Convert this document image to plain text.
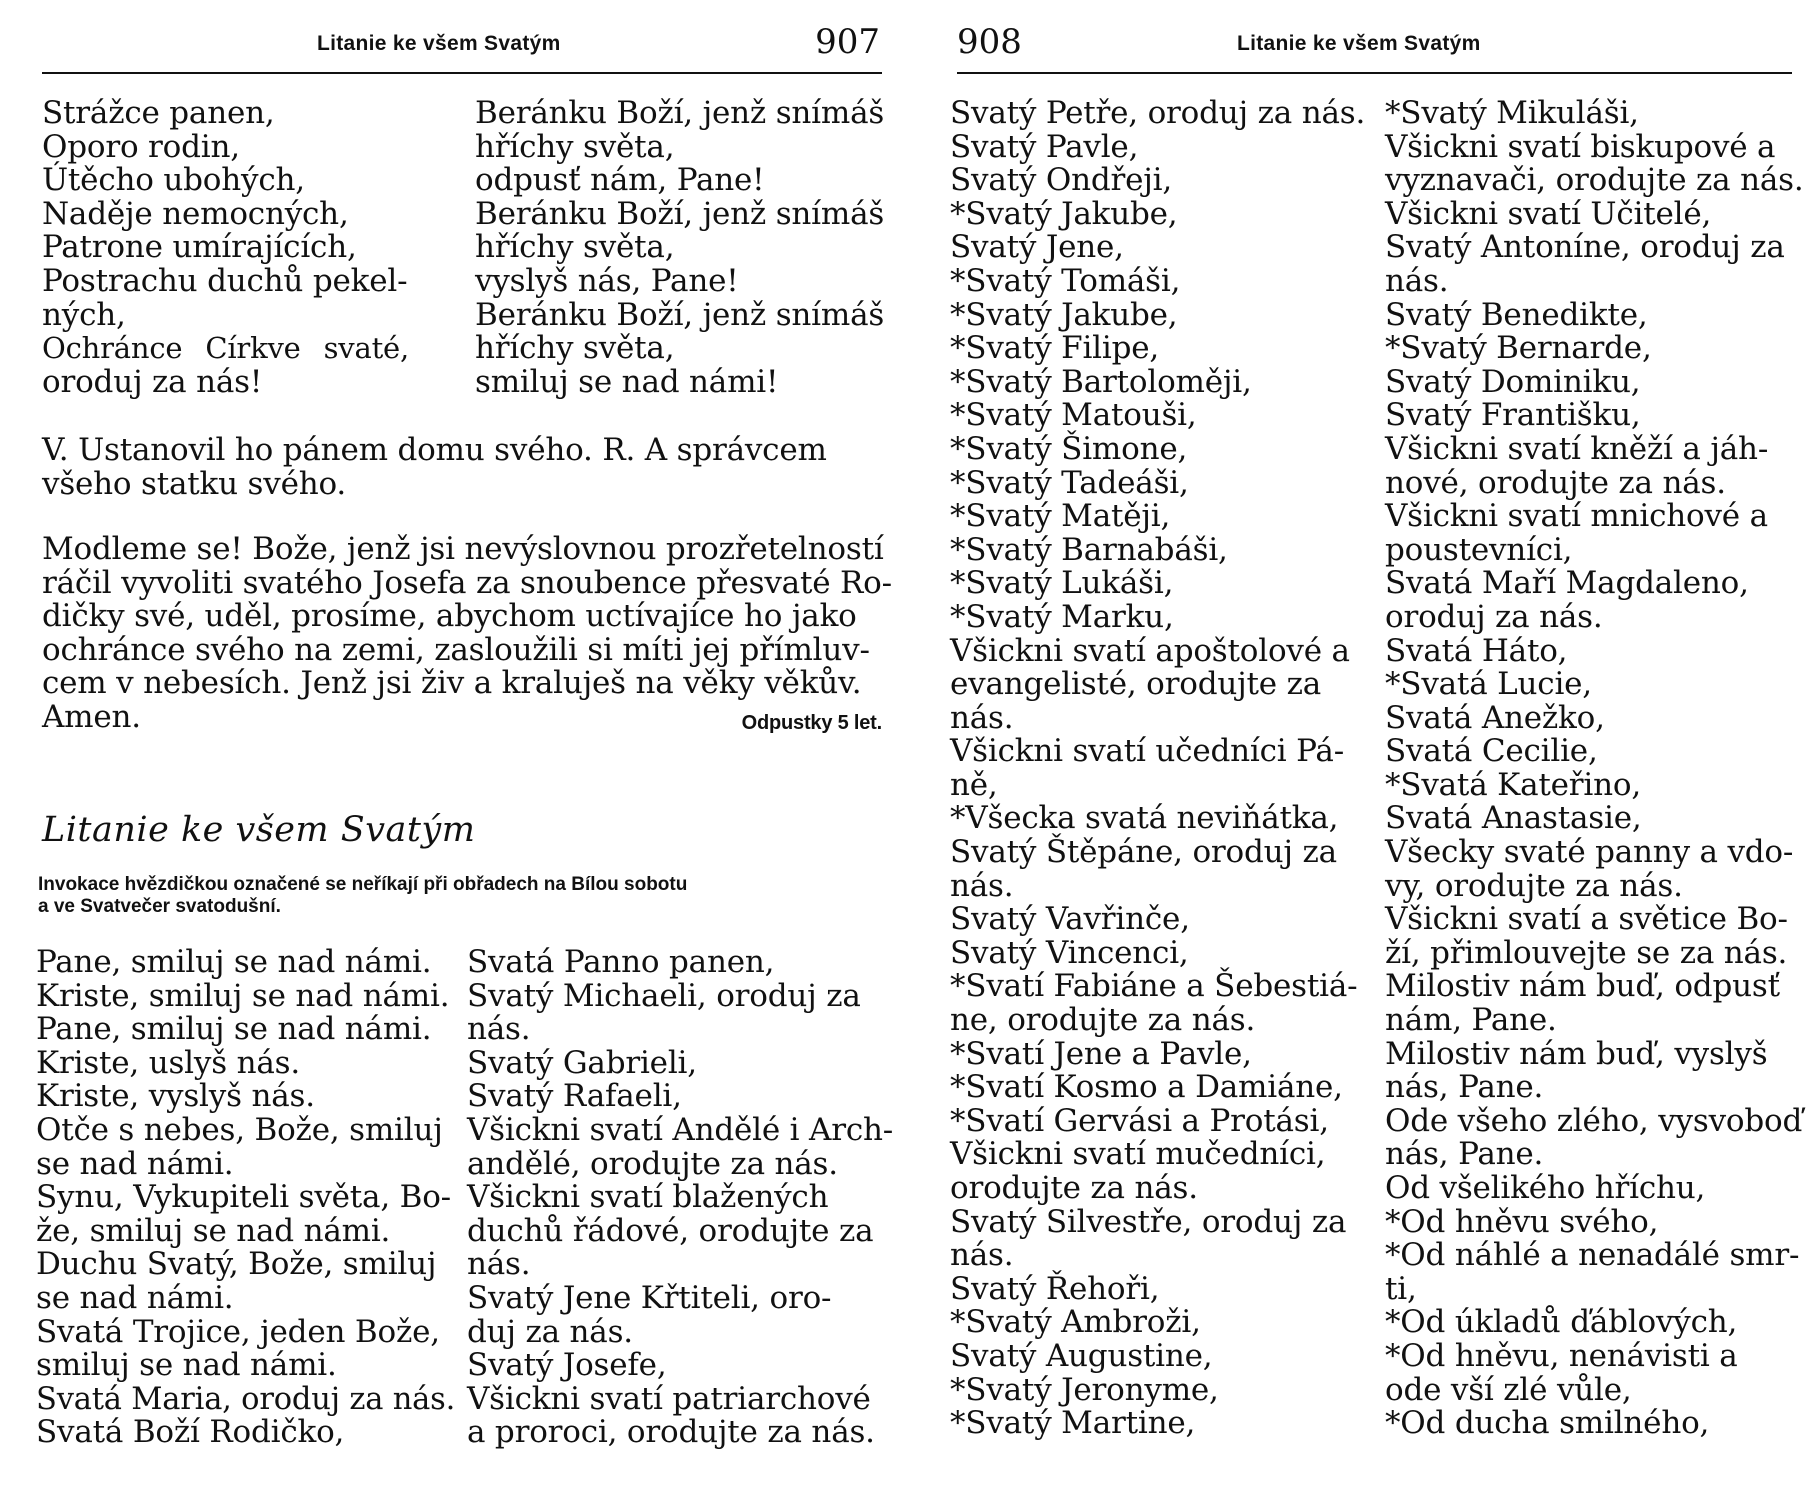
Litanie ke všem Svatým	907
Strážce panen,
Oporo rodin,
Útěcho ubohých,
Naděje nemocných,
Patrone umírajících,
Postrachu duchů pekel-
ných,
Ochránce Církve svaté,
oroduj za nás!
Beránku Boží, jenž snímáš
hříchy světa,
odpusť nám, Pane!
Beránku Boží, jenž snímáš
hříchy světa,
vyslyš nás, Pane!
Beránku Boží, jenž snímáš
hříchy světa,
smiluj se nad námi!
V. Ustanovil ho pánem domu svého. R. A správcem
všeho statku svého.
Modleme se! Bože, jenž jsi nevýslovnou prozřetelností
ráčil vyvoliti svatého Josefa za snoubence přesvaté Ro-
dičky své, uděl, prosíme, abychom uctívajíce ho jako
ochránce svého na zemi, zasloužili si míti jej přímluv-
cem v nebesích. Jenž jsi živ a kraluješ na věky věkův.
Amen.	Odpustky 5 let.
Litanie ke všem Svatým
Invokace hvězdičkou označené se neříkají při obřadech na Bílou sobotu
a ve Svatvečer svatodušní.
Pane, smiluj se nad námi.
Kriste, smiluj se nad námi.
Pane, smiluj se nad námi.
Kriste, uslyš nás.
Kriste, vyslyš nás.
Otče s nebes, Bože, smiluj
se nad námi.
Synu, Vykupiteli světa, Bo-
že, smiluj se nad námi.
Duchu Svatý, Bože, smiluj
se nad námi.
Svatá Trojice, jeden Bože,
smiluj se nad námi.
Svatá Maria, oroduj za nás.
Svatá Boží Rodičko,
Svatá Panno panen,
Svatý Michaeli, oroduj za
nás.
Svatý Gabrieli,
Svatý Rafaeli,
Všickni svatí Andělé i Arch-
andělé, orodujte za nás.
Všickni svatí blažených
duchů řádové, orodujte za
nás.
Svatý Jene Křtiteli, oro-
duj za nás.
Svatý Josefe,
Všickni svatí patriarchové
a proroci, orodujte za nás.
908	Litanie ke všem Svatým
Svatý Petře, oroduj za nás.
Svatý Pavle,
Svatý Ondřeji,
*Svatý Jakube,
Svatý Jene,
*Svatý Tomáši,
*Svatý Jakube,
*Svatý Filipe,
*Svatý Bartoloměji,
*Svatý Matouši,
*Svatý Šimone,
*Svatý Tadeáši,
*Svatý Matěji,
*Svatý Barnabáši,
*Svatý Lukáši,
*Svatý Marku,
Všickni svatí apoštolové a
evangelisté, orodujte za
nás.
Všickni svatí učedníci Pá-
ně,
*Všecka svatá neviňátka,
Svatý Štěpáne, oroduj za
nás.
Svatý Vavřinče,
Svatý Vincenci,
*Svatí Fabiáne a Šebestiá-
ne, orodujte za nás.
*Svatí Jene a Pavle,
*Svatí Kosmo a Damiáne,
*Svatí Gervási a Protási,
Všickni svatí mučedníci,
orodujte za nás.
Svatý Silvestře, oroduj za
nás.
Svatý Řehoři,
*Svatý Ambroži,
Svatý Augustine,
*Svatý Jeronyme,
*Svatý Martine,
*Svatý Mikuláši,
Všickni svatí biskupové a
vyznavači, orodujte za nás.
Všickni svatí Učitelé,
Svatý Antoníne, oroduj za
nás.
Svatý Benedikte,
*Svatý Bernarde,
Svatý Dominiku,
Svatý Františku,
Všickni svatí kněží a jáh-
nové, orodujte za nás.
Všickni svatí mnichové a
poustevníci,
Svatá Maří Magdaleno,
oroduj za nás.
Svatá Háto,
*Svatá Lucie,
Svatá Anežko,
Svatá Cecilie,
*Svatá Kateřino,
Svatá Anastasie,
Všecky svaté panny a vdo-
vy, orodujte za nás.
Všickni svatí a světice Bo-
ží, přimlouvejte se za nás.
Milostiv nám buď, odpusť
nám, Pane.
Milostiv nám buď, vyslyš
nás, Pane.
Ode všeho zlého, vysvoboď
nás, Pane.
Od všelikého hříchu,
*Od hněvu svého,
*Od náhlé a nenadálé smr-
ti,
*Od úkladů ďáblových,
*Od hněvu, nenávisti a
ode vší zlé vůle,
*Od ducha smilného,
